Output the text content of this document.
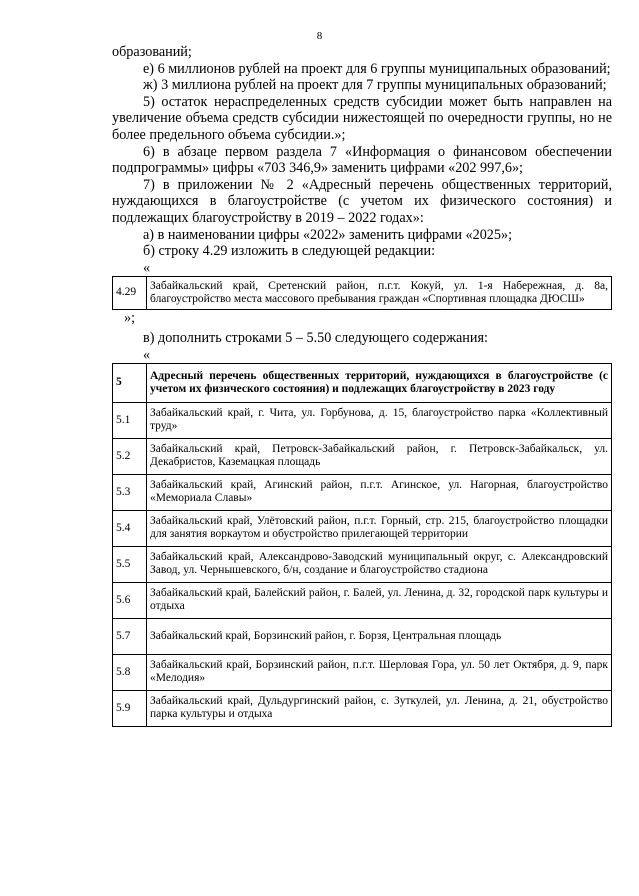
8

образований;

е) 6 миллионов рублей на проект для 6 группы муниципальных образований;

ж) 3 миллиона рублей на проект для 7 группы муниципальных образований;

5) остаток нераспределенных средств субсидии может быть направлен на увеличение объема средств субсидии нижестоящей по очередности группы, но не более предельного объема субсидии.»;

6) в абзаце первом раздела 7 «Информация о финансовом обеспечении подпрограммы» цифры «703 346,9» заменить цифрами «202 997,6»;

7) в приложении № 2 «Адресный перечень общественных территорий, нуждающихся в благоустройстве (с учетом их физического состояния) и подлежащих благоустройству в 2019 – 2022 годах»:

а) в наименовании цифры «2022» заменить цифрами «2025»;

б) строку 4.29 изложить в следующей редакции:

«

4.29	Забайкальский край, Сретенский район, п.г.т. Кокуй, ул. 1-я Набережная, д. 8а, благоустройство места массового пребывания граждан «Спортивная площадка ДЮСШ»

»;

в) дополнить строками 5 – 5.50 следующего содержания:

«

5	Адресный перечень общественных территорий, нуждающихся в благоустройстве (с учетом их физического состояния) и подлежащих благоустройству в 2023 году
5.1	Забайкальский край, г. Чита, ул. Горбунова, д. 15, благоустройство парка «Коллективный труд»
5.2	Забайкальский край, Петровск-Забайкальский район, г. Петровск-Забайкальск, ул. Декабристов, Каземацкая площадь
5.3	Забайкальский край, Агинский район, п.г.т. Агинское, ул. Нагорная, благоустройство «Мемориала Славы»
5.4	Забайкальский край, Улётовский район, п.г.т. Горный, стр. 215, благоустройство площадки для занятия воркаутом и обустройство прилегающей территории
5.5	Забайкальский край, Александрово-Заводский муниципальный округ, с. Александровский Завод, ул. Чернышевского, б/н, создание и благоустройство стадиона
5.6	Забайкальский край, Балейский район, г. Балей, ул. Ленина, д. 32, городской парк культуры и отдыха
5.7	Забайкальский край, Борзинский район, г. Борзя, Центральная площадь
5.8	Забайкальский край, Борзинский район, п.г.т. Шерловая Гора, ул. 50 лет Октября, д. 9, парк «Мелодия»
5.9	Забайкальский край, Дульдургинский район, с. Зуткулей, ул. Ленина, д. 21, обустройство парка культуры и отдыха
